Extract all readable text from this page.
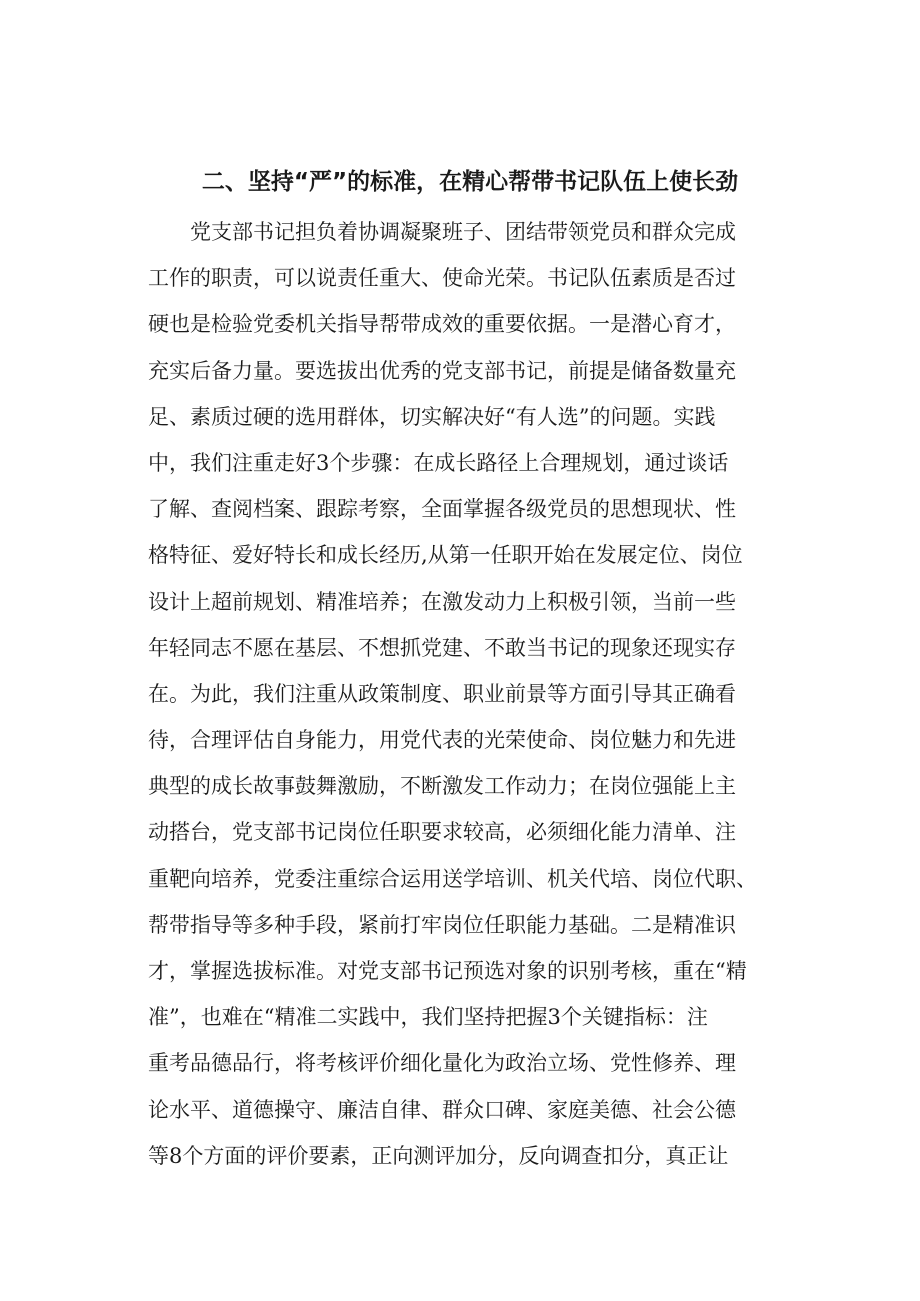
二、坚持“严”的标准，在精心帮带书记队伍上使长劲
　　党支部书记担负着协调凝聚班子、团结带领党员和群众完成
工作的职责，可以说责任重大、使命光荣。书记队伍素质是否过
硬也是检验党委机关指导帮带成效的重要依据。一是潜心育才，
充实后备力量。要选拔出优秀的党支部书记，前提是储备数量充
足、素质过硬的选用群体，切实解决好“有人选”的问题。实践
中，我们注重走好3个步骤：在成长路径上合理规划，通过谈话
了解、查阅档案、跟踪考察，全面掌握各级党员的思想现状、性
格特征、爱好特长和成长经历,从第一任职开始在发展定位、岗位
设计上超前规划、精准培养；在激发动力上积极引领，当前一些
年轻同志不愿在基层、不想抓党建、不敢当书记的现象还现实存
在。为此，我们注重从政策制度、职业前景等方面引导其正确看
待，合理评估自身能力，用党代表的光荣使命、岗位魅力和先进
典型的成长故事鼓舞激励，不断激发工作动力；在岗位强能上主
动搭台，党支部书记岗位任职要求较高，必须细化能力清单、注
重靶向培养，党委注重综合运用送学培训、机关代培、岗位代职、
帮带指导等多种手段，紧前打牢岗位任职能力基础。二是精准识
才，掌握选拔标准。对党支部书记预选对象的识别考核，重在“精
准”，也难在“精准二实践中，我们坚持把握3个关键指标：注
重考品德品行，将考核评价细化量化为政治立场、党性修养、理
论水平、道德操守、廉洁自律、群众口碑、家庭美德、社会公德
等8个方面的评价要素，正向测评加分，反向调查扣分，真正让
